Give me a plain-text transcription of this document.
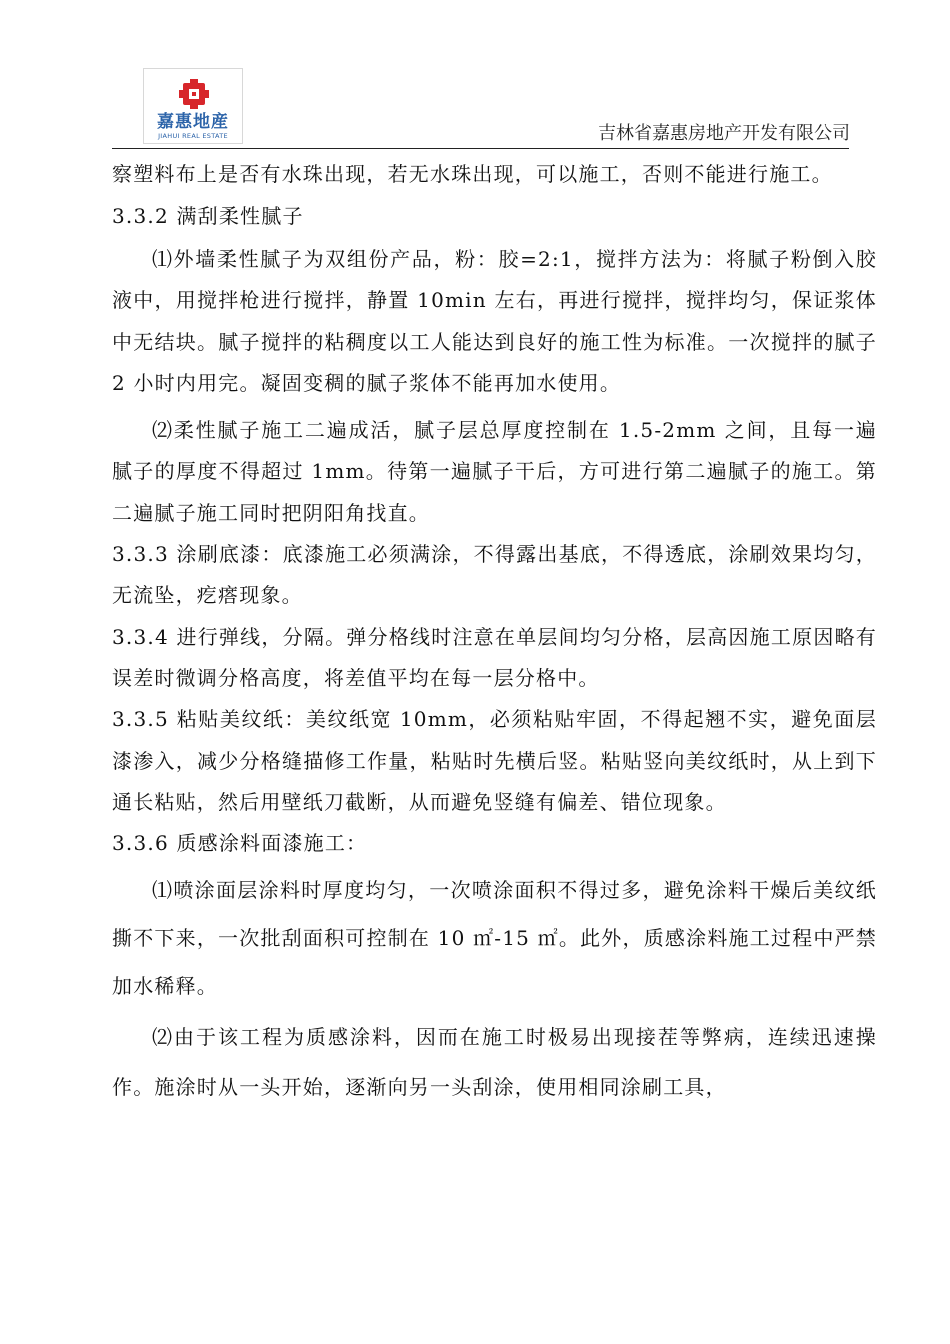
嘉惠地産
JIAHUI REAL ESTATE	吉林省嘉惠房地产开发有限公司

察塑料布上是否有水珠出现，若无水珠出现，可以施工，否则不能进行施工。

3.3.2 满刮柔性腻子

⑴外墙柔性腻子为双组份产品，粉：胶=2:1，搅拌方法为：将腻子粉倒入胶液中，用搅拌枪进行搅拌，静置 10min 左右，再进行搅拌，搅拌均匀，保证浆体中无结块。腻子搅拌的粘稠度以工人能达到良好的施工性为标准。一次搅拌的腻子 2 小时内用完。凝固变稠的腻子浆体不能再加水使用。

⑵柔性腻子施工二遍成活，腻子层总厚度控制在 1.5-2mm 之间，且每一遍腻子的厚度不得超过 1mm。待第一遍腻子干后，方可进行第二遍腻子的施工。第二遍腻子施工同时把阴阳角找直。

3.3.3 涂刷底漆：底漆施工必须满涂，不得露出基底，不得透底，涂刷效果均匀，无流坠，疙瘩现象。

3.3.4 进行弹线，分隔。弹分格线时注意在单层间均匀分格，层高因施工原因略有误差时微调分格高度，将差值平均在每一层分格中。

3.3.5 粘贴美纹纸：美纹纸宽 10mm，必须粘贴牢固，不得起翘不实，避免面层漆渗入，减少分格缝描修工作量，粘贴时先横后竖。粘贴竖向美纹纸时，从上到下通长粘贴，然后用壁纸刀截断，从而避免竖缝有偏差、错位现象。

3.3.6 质感涂料面漆施工：

⑴喷涂面层涂料时厚度均匀，一次喷涂面积不得过多，避免涂料干燥后美纹纸撕不下来，一次批刮面积可控制在 10 ㎡-15 ㎡。此外，质感涂料施工过程中严禁加水稀释。

⑵由于该工程为质感涂料，因而在施工时极易出现接茬等弊病，连续迅速操作。施涂时从一头开始，逐渐向另一头刮涂，使用相同涂刷工具，
